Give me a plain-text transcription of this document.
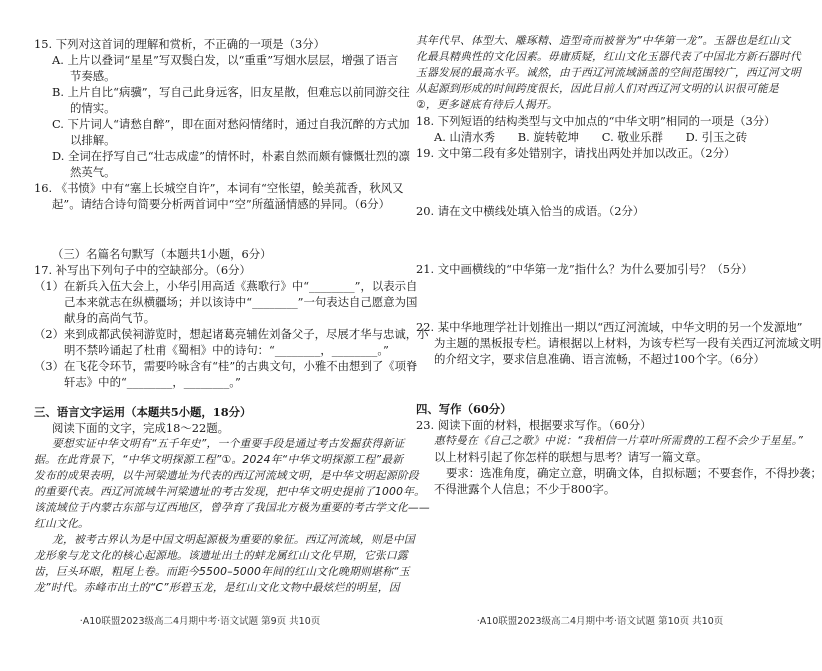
15. 下列对这首词的理解和赏析，不正确的一项是（3分）
A. 上片以叠词“星星”写双鬓白发，以“重重”写烟水层层，增强了语言
节奏感。
B. 上片自比“病骥”，写自己此身远客，旧友星散，但难忘以前同游交往
的情实。
C. 下片词人“请愁自醉”，即在面对愁闷情绪时，通过自我沉醉的方式加
以排解。
D. 全词在抒写自己“壮志成虚”的情怀时，朴素自然而颇有慷慨壮烈的凛
然英气。
16. 《书愤》中有“塞上长城空自许”，本词有“空怅望，鲙美菰香，秋风又
起”。请结合诗句简要分析两首词中“空”所蕴涵情感的异同。（6分）
（三）名篇名句默写（本题共1小题，6分）
17. 补写出下列句子中的空缺部分。（6分）
（1）在新兵入伍大会上，小华引用高适《燕歌行》中“________”，以表示自
己本来就志在纵横疆场；并以该诗中“________”一句表达自己愿意为国
献身的高尚气节。
（2）来到成都武侯祠游览时，想起诸葛亮辅佐刘备父子，尽展才华与忠诚，小
明不禁吟诵起了杜甫《蜀相》中的诗句：“________，________。”
（3）在飞花令环节，需要吟咏含有“桂”的古典文句，小雅不由想到了《项脊
轩志》中的“________，________。”
三、语言文字运用（本题共5小题，18分）
阅读下面的文字，完成18～22题。
要想实证中华文明有“五千年史”，一个重要手段是通过考古发掘获得新证
据。在此背景下，“中华文明探源工程”①。2024年“中华文明探源工程”最新
发布的成果表明，以牛河梁遗址为代表的西辽河流域文明，是中华文明起源阶段
的重要代表。西辽河流域牛河梁遗址的考古发现，把中华文明史提前了1000年。
该流域位于内蒙古东部与辽西地区，曾孕育了我国北方极为重要的考古学文化——
红山文化。
龙，被考古界认为是中国文明起源极为重要的象征。西辽河流域，则是中国
龙形象与龙文化的核心起源地。该遗址出土的蚌龙属红山文化早期，它张口露
齿，巨头环眼，粗尾上卷。而距今5500–5000年间的红山文化晚期则堪称“玉
龙”时代。赤峰市出土的“C”形碧玉龙，是红山文化文物中最炫烂的明星，因
·A10联盟2023级高二4月期中考·语文试题 第9页 共10页
其年代早、体型大、雕琢精、造型奇而被誉为“中华第一龙”。玉器也是红山文
化最具精典性的文化因素。毋庸质疑，红山文化玉器代表了中国北方新石器时代
玉器发展的最高水平。诚然，由于西辽河流域涵盖的空间范围较广，西辽河文明
从起源到形成的时间跨度很长，因此目前人们对西辽河文明的认识很可能是
②，更多谜底有待后人揭开。
18. 下列短语的结构类型与文中加点的“中华文明”相同的一项是（3分）
A. 山清水秀　　B. 旋转乾坤　　C. 敬业乐群　　D. 引玉之砖
19. 文中第二段有多处错别字，请找出两处并加以改正。（2分）
20. 请在文中横线处填入恰当的成语。（2分）
21. 文中画横线的“中华第一龙”指什么？为什么要加引号？（5分）
22. 某中华地理学社计划推出一期以“西辽河流域，中华文明的另一个发源地”
为主题的黑板报专栏。请根据以上材料，为该专栏写一段有关西辽河流域文明
的介绍文字，要求信息准确、语言流畅，不超过100个字。（6分）
四、写作（60分）
23. 阅读下面的材料，根据要求写作。（60分）
惠特曼在《自己之歌》中说：“我相信一片草叶所需费的工程不会少于星星。”
以上材料引起了你怎样的联想与思考？请写一篇文章。
要求：选准角度，确定立意，明确文体，自拟标题；不要套作，不得抄袭；
不得泄露个人信息；不少于800字。
·A10联盟2023级高二4月期中考·语文试题 第10页 共10页
